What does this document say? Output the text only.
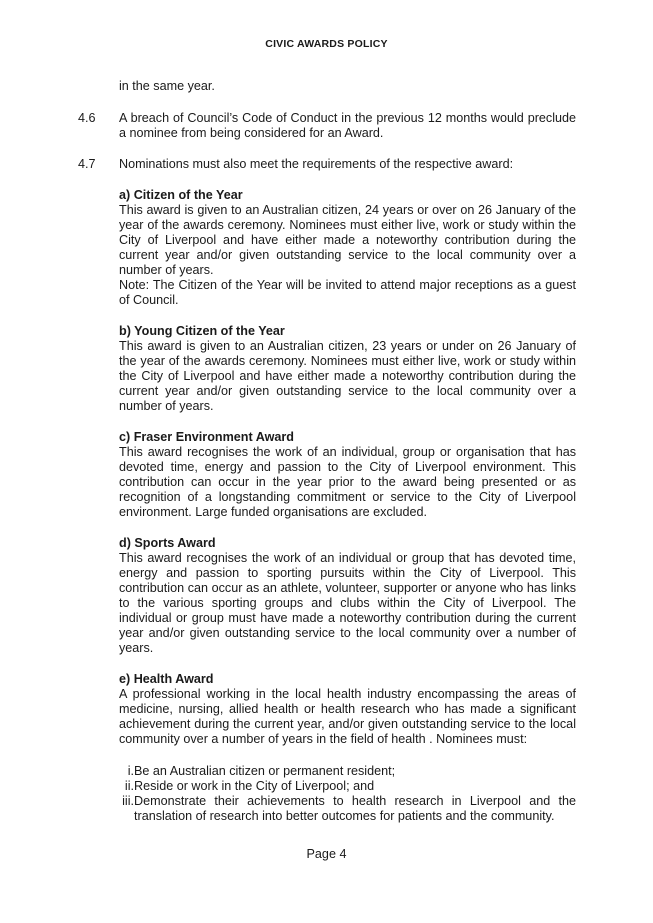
CIVIC AWARDS POLICY
in the same year.
4.6 A breach of Council’s Code of Conduct in the previous 12 months would preclude a nominee from being considered for an Award.
4.7 Nominations must also meet the requirements of the respective award:
a) Citizen of the Year
This award is given to an Australian citizen, 24 years or over on 26 January of the year of the awards ceremony. Nominees must either live, work or study within the City of Liverpool and have either made a noteworthy contribution during the current year and/or given outstanding service to the local community over a number of years.
Note: The Citizen of the Year will be invited to attend major receptions as a guest of Council.
b) Young Citizen of the Year
This award is given to an Australian citizen, 23 years or under on 26 January of the year of the awards ceremony. Nominees must either live, work or study within the City of Liverpool and have either made a noteworthy contribution during the current year and/or given outstanding service to the local community over a number of years.
c) Fraser Environment Award
This award recognises the work of an individual, group or organisation that has devoted time, energy and passion to the City of Liverpool environment. This contribution can occur in the year prior to the award being presented or as recognition of a longstanding commitment or service to the City of Liverpool environment. Large funded organisations are excluded.
d) Sports Award
This award recognises the work of an individual or group that has devoted time, energy and passion to sporting pursuits within the City of Liverpool. This contribution can occur as an athlete, volunteer, supporter or anyone who has links to the various sporting groups and clubs within the City of Liverpool. The individual or group must have made a noteworthy contribution during the current year and/or given outstanding service to the local community over a number of years.
e) Health Award
A professional working in the local health industry encompassing the areas of medicine, nursing, allied health or health research who has made a significant achievement during the current year, and/or given outstanding service to the local community over a number of years in the field of health . Nominees must:
i. Be an Australian citizen or permanent resident;
ii. Reside or work in the City of Liverpool; and
iii. Demonstrate their achievements to health research in Liverpool and the translation of research into better outcomes for patients and the community.
Page 4
